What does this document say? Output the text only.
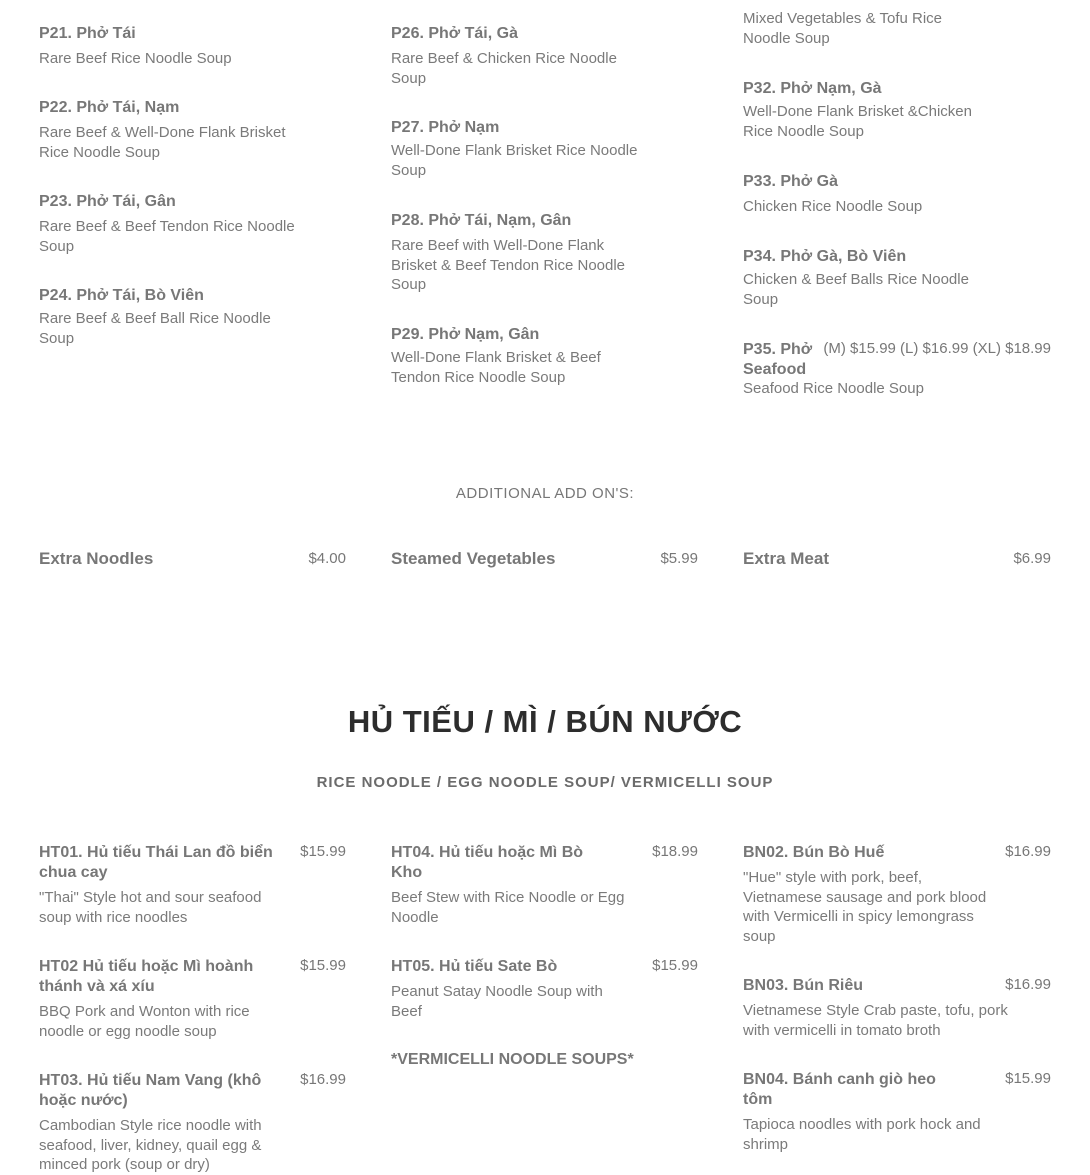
P21. Phở Tái
Rare Beef Rice Noodle Soup
P22. Phở Tái, Nạm
Rare Beef & Well-Done Flank Brisket Rice Noodle Soup
P23. Phở Tái, Gân
Rare Beef & Beef Tendon Rice Noodle Soup
P24. Phở Tái, Bò Viên
Rare Beef & Beef Ball Rice Noodle Soup
P26. Phở Tái, Gà
Rare Beef & Chicken Rice Noodle Soup
P27. Phở Nạm
Well-Done Flank Brisket Rice Noodle Soup
P28. Phở Tái, Nạm, Gân
Rare Beef with Well-Done Flank Brisket & Beef Tendon Rice Noodle Soup
P29. Phở Nạm, Gân
Well-Done Flank Brisket & Beef Tendon Rice Noodle Soup
Mixed Vegetables & Tofu Rice Noodle Soup
P32. Phở Nạm, Gà
Well-Done Flank Brisket &Chicken Rice Noodle Soup
P33. Phở Gà
Chicken Rice Noodle Soup
P34. Phở Gà, Bò Viên
Chicken & Beef Balls Rice Noodle Soup
P35. Phở Seafood
(M) $15.99 (L) $16.99 (XL) $18.99
Seafood Rice Noodle Soup
ADDITIONAL ADD ON'S:
Extra Noodles	$4.00	Steamed Vegetables	$5.99	Extra Meat	$6.99
HỦ TIẾU / MÌ / BÚN NƯỚC
RICE NOODLE / EGG NOODLE SOUP/ VERMICELLI SOUP
HT01. Hủ tiếu Thái Lan đồ biển chua cay
"Thai" Style hot and sour seafood soup with rice noodles
$15.99
HT02 Hủ tiếu hoặc Mì hoành thánh và xá xíu
BBQ Pork and Wonton with rice noodle or egg noodle soup
$15.99
HT03. Hủ tiếu Nam Vang (khô hoặc nước)
Cambodian Style rice noodle with seafood, liver, kidney, quail egg & minced pork (soup or dry)
$16.99
HT04. Hủ tiếu hoặc Mì Bò Kho
Beef Stew with Rice Noodle or Egg Noodle
$18.99
HT05. Hủ tiếu Sate Bò
Peanut Satay Noodle Soup with Beef
$15.99
*VERMICELLI NOODLE SOUPS*
BN02. Bún Bò Huế
"Hue" style with pork, beef, Vietnamese sausage and pork blood with Vermicelli in spicy lemongrass soup
$16.99
BN03. Bún Riêu
Vietnamese Style Crab paste, tofu, pork with vermicelli in tomato broth
$16.99
BN04. Bánh canh giò heo tôm
Tapioca noodles with pork hock and shrimp
$15.99
